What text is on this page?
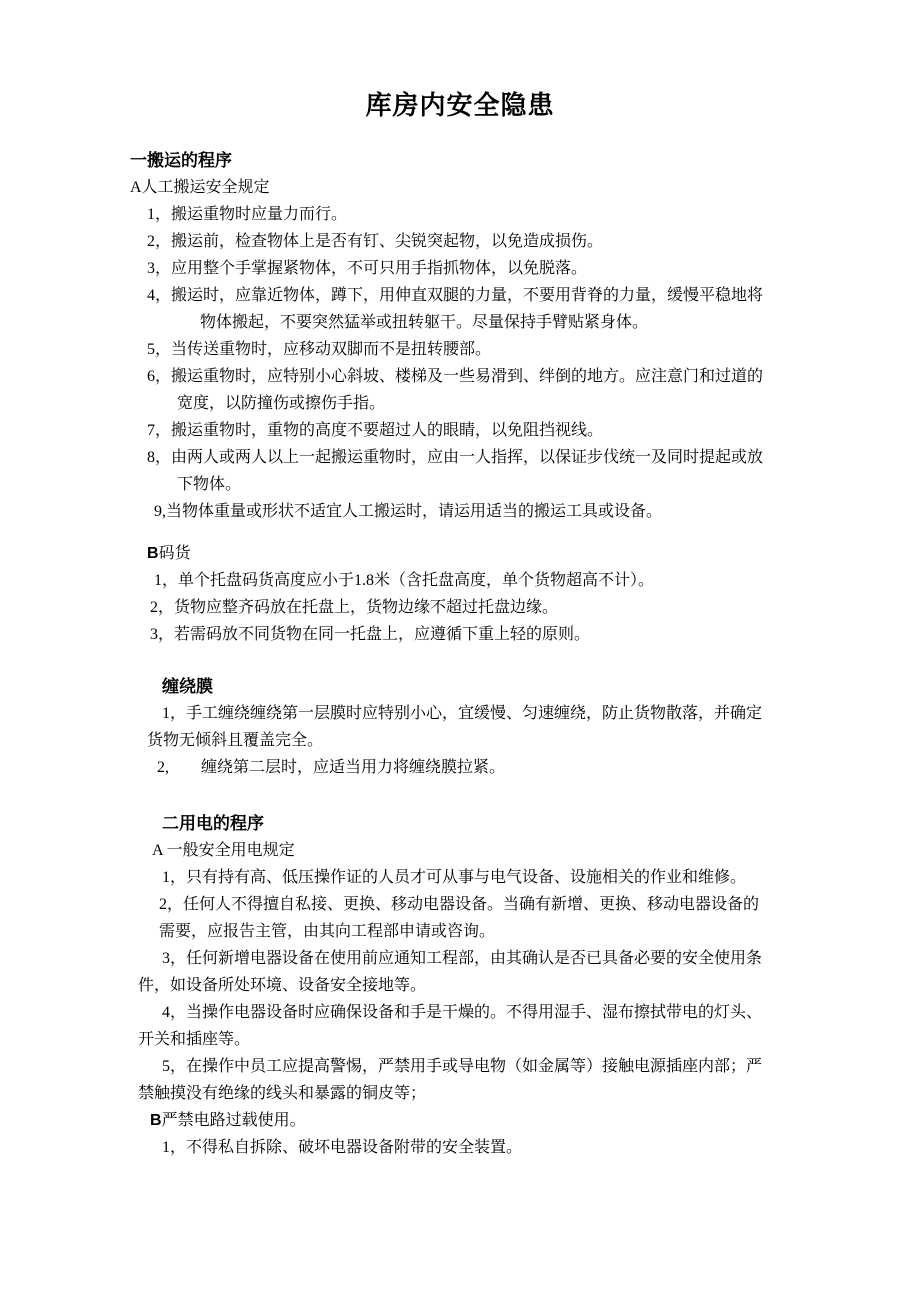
库房内安全隐患
一搬运的程序
A人工搬运安全规定
1，搬运重物时应量力而行。
2，搬运前，检查物体上是否有钉、尖锐突起物，以免造成损伤。
3，应用整个手掌握紧物体，不可只用手指抓物体，以免脱落。
4，搬运时，应靠近物体，蹲下，用伸直双腿的力量，不要用背脊的力量，缓慢平稳地将
物体搬起，不要突然猛举或扭转躯干。尽量保持手臂贴紧身体。
5，当传送重物时，应移动双脚而不是扭转腰部。
6，搬运重物时，应特别小心斜坡、楼梯及一些易滑到、绊倒的地方。应注意门和过道的
宽度，以防撞伤或擦伤手指。
7，搬运重物时，重物的高度不要超过人的眼睛，以免阻挡视线。
8，由两人或两人以上一起搬运重物时，应由一人指挥，以保证步伐统一及同时提起或放
下物体。
9,当物体重量或形状不适宜人工搬运时，请运用适当的搬运工具或设备。
B码货
1，单个托盘码货高度应小于1.8米（含托盘高度，单个货物超高不计）。
2，货物应整齐码放在托盘上，货物边缘不超过托盘边缘。
3，若需码放不同货物在同一托盘上，应遵循下重上轻的原则。
缠绕膜
1，手工缠绕缠绕第一层膜时应特别小心，宜缓慢、匀速缠绕，防止货物散落，并确定
货物无倾斜且覆盖完全。
2,　　缠绕第二层时，应适当用力将缠绕膜拉紧。
二用电的程序
A 一般安全用电规定
1，只有持有高、低压操作证的人员才可从事与电气设备、设施相关的作业和维修。
2，任何人不得擅自私接、更换、移动电器设备。当确有新增、更换、移动电器设备的
需要，应报告主管，由其向工程部申请或咨询。
3，任何新增电器设备在使用前应通知工程部，由其确认是否已具备必要的安全使用条
件，如设备所处环境、设备安全接地等。
4，当操作电器设备时应确保设备和手是干燥的。不得用湿手、湿布擦拭带电的灯头、
开关和插座等。
5，在操作中员工应提高警惕，严禁用手或导电物（如金属等）接触电源插座内部；严
禁触摸没有绝缘的线头和暴露的铜皮等；
B严禁电路过载使用。
1，不得私自拆除、破坏电器设备附带的安全装置。
